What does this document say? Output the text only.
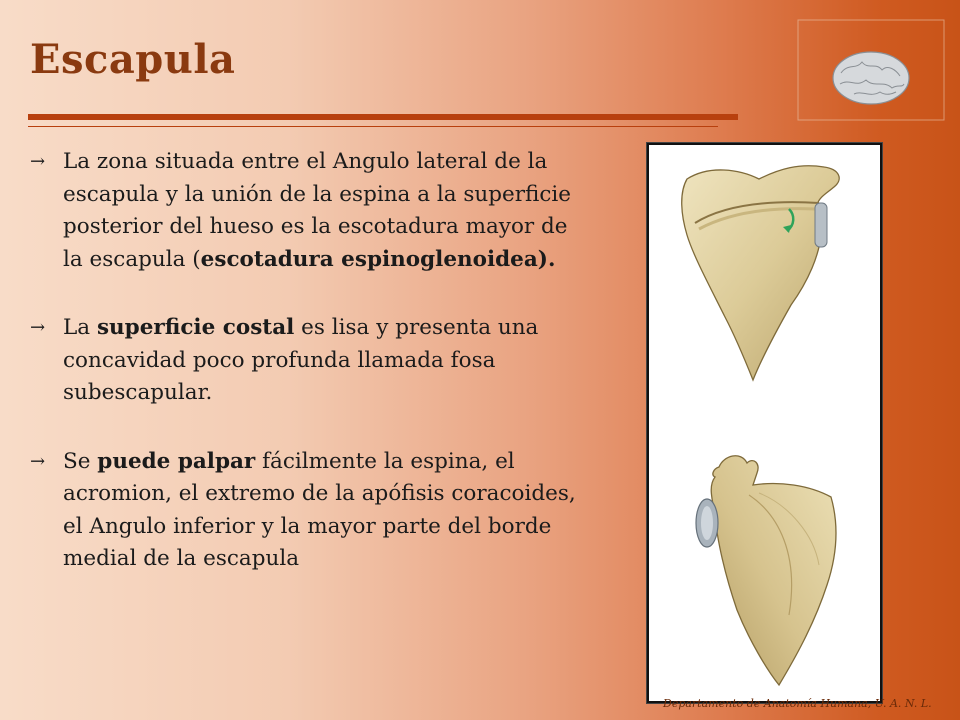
Escapula
→ La zona situada entre el Angulo lateral de la escapula y la unión de la espina a la superficie posterior del hueso es la escotadura mayor de la escapula (escotadura espinoglenoidea).
→ La superficie costal es lisa y presenta una concavidad poco profunda llamada fosa subescapular.
→ Se puede palpar fácilmente la espina, el acromion, el extremo de la apófisis coracoides, el Angulo inferior y la mayor parte del borde medial de la escapula
Departamento de Anatomía Humana, U. A. N. L.
